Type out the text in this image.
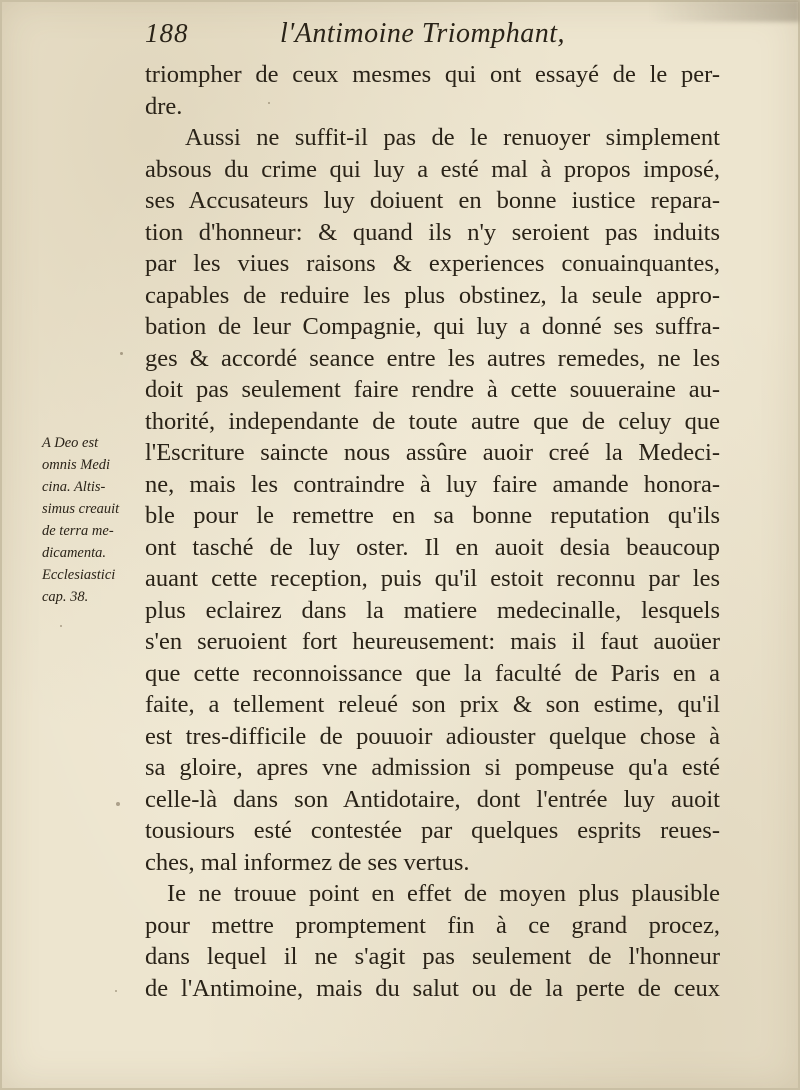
188	l'Antimoine Triomphant,
triompher de ceux mesmes qui ont essayé de le per-
dre.
Aussi ne suffit-il pas de le renuoyer simplement
absous du crime qui luy a esté mal à propos imposé,
ses Accusateurs luy doiuent en bonne iustice repara-
tion d'honneur: & quand ils n'y seroient pas induits
par les viues raisons & experiences conuainquantes,
capables de reduire les plus obstinez, la seule appro-
bation de leur Compagnie, qui luy a donné ses suffra-
ges & accordé seance entre les autres remedes, ne les
doit pas seulement faire rendre à cette souueraine au-
thorité, independante de toute autre que de celuy que
l'Escriture saincte nous assûre auoir creé la Medeci-
ne, mais les contraindre à luy faire amande honora-
ble pour le remettre en sa bonne reputation qu'ils
ont tasché de luy oster. Il en auoit desia beaucoup
auant cette reception, puis qu'il estoit reconnu par les
plus eclairez dans la matiere medecinalle, lesquels
s'en seruoient fort heureusement: mais il faut auoüer
que cette reconnoissance que la faculté de Paris en a
faite, a tellement releué son prix & son estime, qu'il
est tres-difficile de pouuoir adiouster quelque chose à
sa gloire, apres vne admission si pompeuse qu'a esté
celle-là dans son Antidotaire, dont l'entrée luy auoit
tousiours esté contestée par quelques esprits reues-
ches, mal informez de ses vertus.
Ie ne trouue point en effet de moyen plus plausible
pour mettre promptement fin à ce grand procez,
dans lequel il ne s'agit pas seulement de l'honneur
de l'Antimoine, mais du salut ou de la perte de ceux
A Deo est
omnis Medi
cina. Altis-
simus creauit
de terra me-
dicamenta.
Ecclesiastici
cap. 38.
